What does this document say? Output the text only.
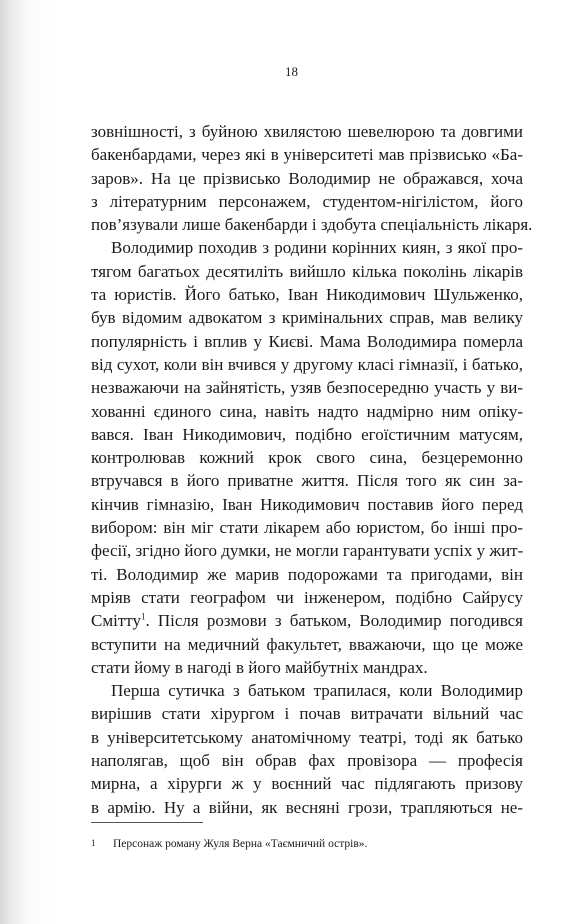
18
зовнішності, з буйною хвилястою шевелюрою та довгими
бакенбардами, через які в університеті мав прізвисько «Ба-
заров». На це прізвисько Володимир не ображався, хоча
з літературним персонажем, студентом-нігілістом, його
пов’язували лише бакенбарди і здобута спеціальність лікаря.
Володимир походив з родини корінних киян, з якої про-
тягом багатьох десятиліть вийшло кілька поколінь лікарів
та юристів. Його батько, Іван Никодимович Шульженко,
був відомим адвокатом з кримінальних справ, мав велику
популярність і вплив у Києві. Мама Володимира померла
від сухот, коли він вчився у другому класі гімназії, і батько,
незважаючи на зайнятість, узяв безпосередню участь у ви-
хованні єдиного сина, навіть надто надмірно ним опіку-
вався. Іван Никодимович, подібно егоїстичним матусям,
контролював кожний крок свого сина, безцеремонно
втручався в його приватне життя. Після того як син за-
кінчив гімназію, Іван Никодимович поставив його перед
вибором: він міг стати лікарем або юристом, бо інші про-
фесії, згідно його думки, не могли гарантувати успіх у жит-
ті. Володимир же марив подорожами та пригодами, він
мріяв стати географом чи інженером, подібно Сайрусу
Смітту$^1$. Після розмови з батьком, Володимир погодився
вступити на медичний факультет, вважаючи, що це може
стати йому в нагоді в його майбутніх мандрах.
Перша сутичка з батьком трапилася, коли Володимир
вирішив стати хірургом і почав витрачати вільний час
в університетському анатомічному театрі, тоді як батько
наполягав, щоб він обрав фах провізора — професія
мирна, а хірурги ж у воєнний час підлягають призову
в армію. Ну а війни, як весняні грози, трапляються не-
1 Персонаж роману Жуля Верна «Таємничий острів».
